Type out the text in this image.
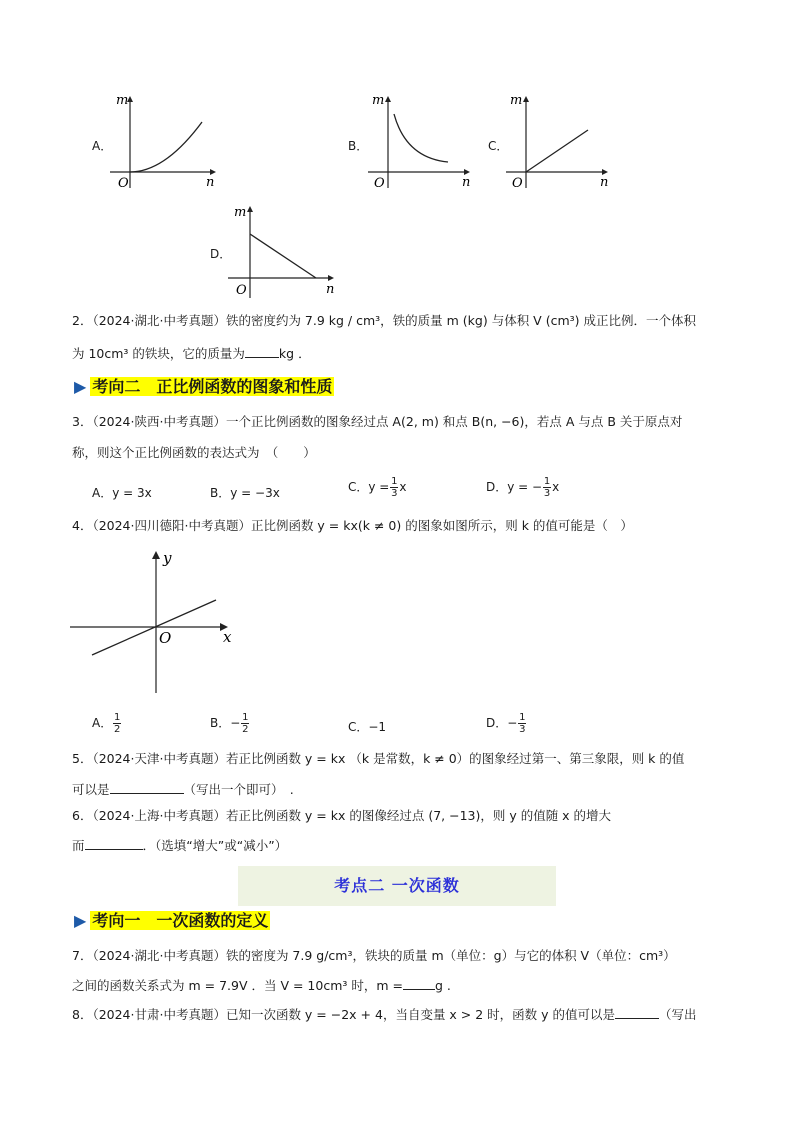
A．
m
n
O
B．
m
n
O
C．
m
n
O
D．
m
n
O
2．（2024·湖北·中考真题）铁的密度约为 7.9 kg / cm³，铁的质量 m (kg) 与体积 V (cm³) 成正比例．一个体积
为 10cm³ 的铁块，它的质量为	kg ．
▶ 考向二　正比例函数的图象和性质
3．（2024·陕西·中考真题）一个正比例函数的图象经过点 A(2, m) 和点 B(n, −6)，若点 A 与点 B 关于原点对
称，则这个正比例函数的表达式为　（　　）
A．y = 3x	B．y = −3x	C．$y = \frac{1}{3}$ x	D．y = − $\frac{1}{3}$ x
4．（2024·四川德阳·中考真题）正比例函数 y = kx(k ≠ 0) 的图象如图所示，则 k 的值可能是（　）
y
x
O
A． $\frac{1}{2}$	B．− $\frac{1}{2}$	C．−1	D．− $\frac{1}{3}$
5．（2024·天津·中考真题）若正比例函数 y = kx （k 是常数，k ≠ 0）的图象经过第一、第三象限，则 k 的值
可以是	（写出一个即可）　.
6．（2024·上海·中考真题）若正比例函数 y = kx 的图像经过点 (7, −13)，则 y 的值随 x 的增大
而	．（选填“增大”或“减小”）
考点二 一次函数
▶ 考向一　一次函数的定义
7．（2024·湖北·中考真题）铁的密度为 7.9 g/cm³，铁块的质量 m（单位：g）与它的体积 V（单位：cm³）
之间的函数关系式为 m = 7.9V ．当 V = 10cm³ 时，m =	g .
8．（2024·甘肃·中考真题）已知一次函数 y = −2x + 4，当自变量 x > 2 时，函数 y 的值可以是	（写出
